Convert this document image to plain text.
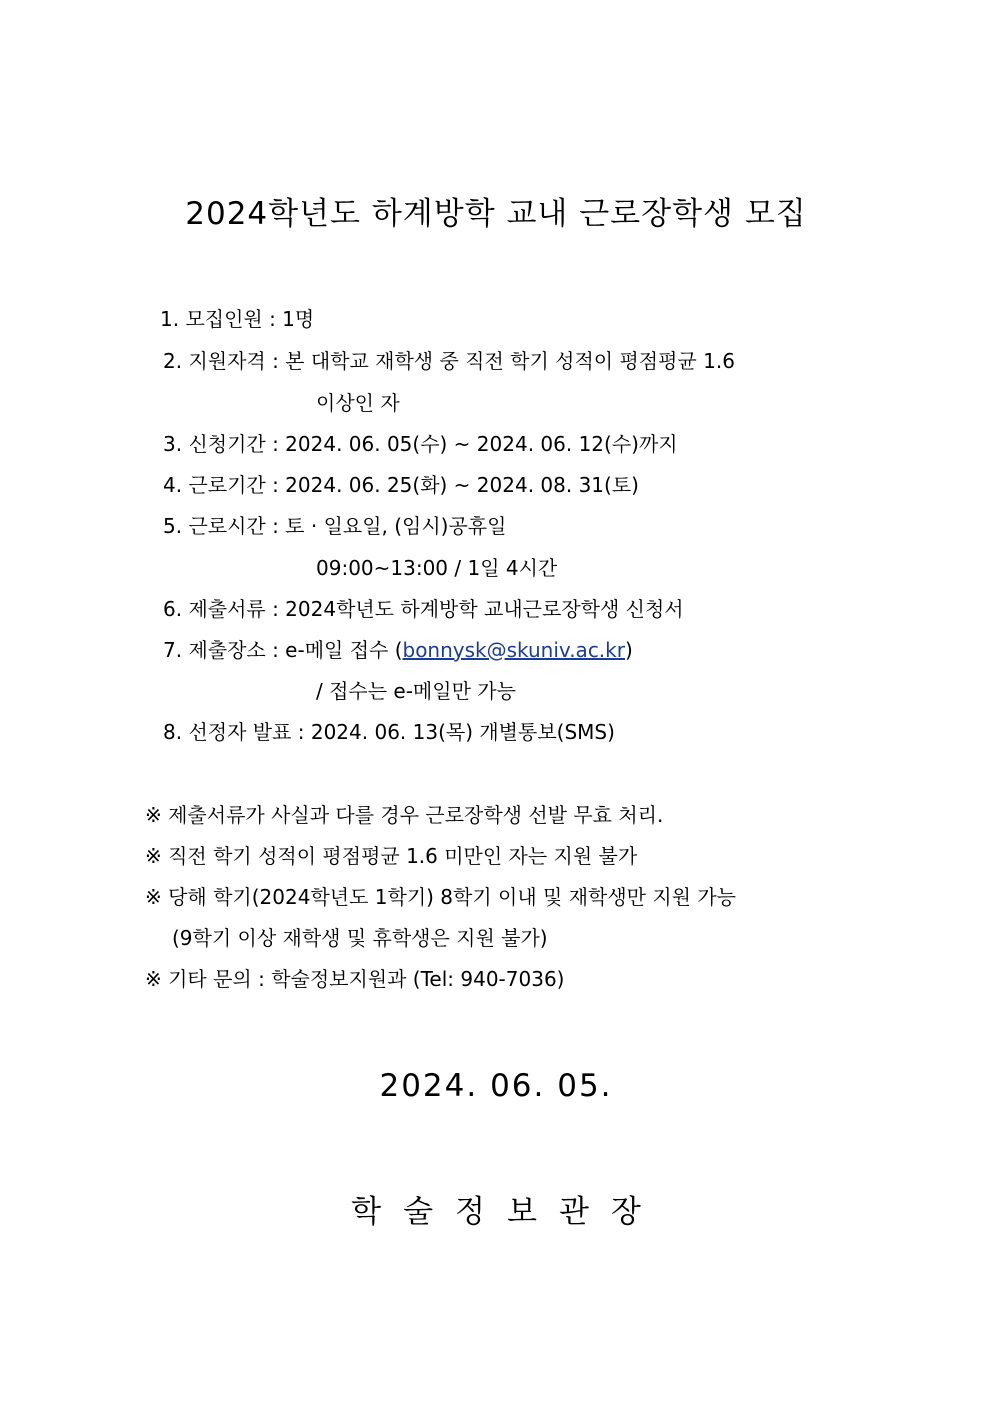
2024학년도 하계방학 교내 근로장학생 모집
1. 모집인원 : 1명
2. 지원자격 : 본 대학교 재학생 중 직전 학기 성적이 평점평균 1.6
이상인 자
3. 신청기간 : 2024. 06. 05(수) ~ 2024. 06. 12(수)까지
4. 근로기간 : 2024. 06. 25(화) ~ 2024. 08. 31(토)
5. 근로시간 : 토 · 일요일, (임시)공휴일
09:00~13:00 / 1일 4시간
6. 제출서류 : 2024학년도 하계방학 교내근로장학생 신청서
7. 제출장소 : e-메일 접수 (bonnysk@skuniv.ac.kr)
/ 접수는 e-메일만 가능
8. 선정자 발표 : 2024. 06. 13(목) 개별통보(SMS)
※ 제출서류가 사실과 다를 경우 근로장학생 선발 무효 처리.
※ 직전 학기 성적이 평점평균 1.6 미만인 자는 지원 불가
※ 당해 학기(2024학년도 1학기) 8학기 이내 및 재학생만 지원 가능
(9학기 이상 재학생 및 휴학생은 지원 불가)
※ 기타 문의 : 학술정보지원과 (Tel: 940-7036)
2024. 06. 05.
학술정보관장
